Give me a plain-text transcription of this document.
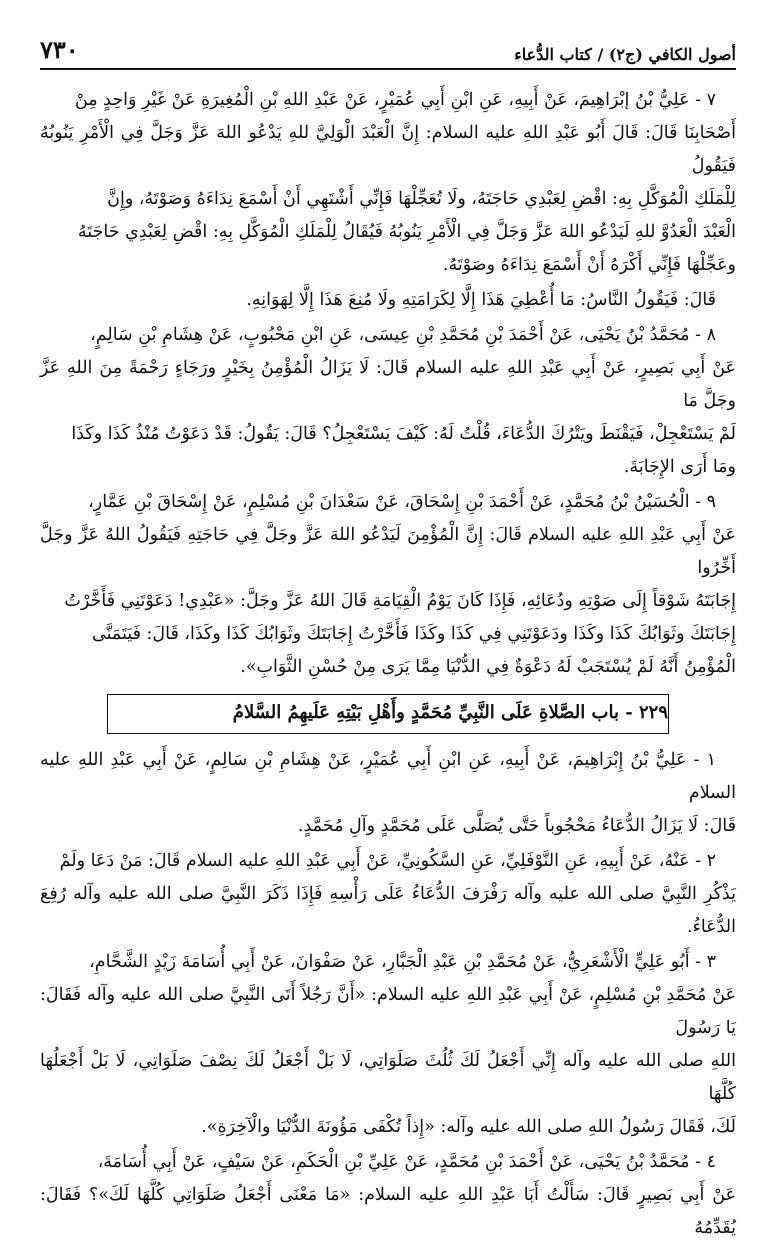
أصول الكافي (ج٢) / كتاب الدُّعاء
٧٣٠
٧ - عَلِيُّ بْنُ إبْرَاهِيمَ، عَنْ أَبِيهِ، عَنِ ابْنِ أَبِي عُمَيْرٍ، عَنْ عَبْدِ اللهِ بْنِ الْمُغِيرَةِ عَنْ غَيْرِ وَاحِدٍ مِنْ
أَصْحَابِنَا قَالَ: قَالَ أَبُو عَبْدِ اللهِ عليه السلام: إِنَّ الْعَبْدَ الْوَلِيَّ للهِ يَدْعُو اللهَ عَزَّ وَجَلَّ فِي الْأَمْرِ يَنُوبُهُ فَيَقُولُ
لِلْمَلَكِ الْمُوَكَّلِ بِهِ: اقْضِ لِعَبْدِي حَاجَتَهُ، ولَا تُعَجِّلْهَا فَإِنِّي أَشْتَهِي أَنْ أَسْمَعَ نِدَاءَهُ وَصَوْتَهُ، وإِنَّ
الْعَبْدَ الْعَدُوَّ للهِ لَيَدْعُو اللهَ عَزَّ وَجَلَّ فِي الْأَمْرِ يَنُوبُهُ فَيُقَالُ لِلْمَلَكِ الْمُوَكَّلِ بِهِ: اقْضِ لِعَبْدِي حَاجَتَهُ
وعَجِّلْهَا فَإِنِّي أَكْرَهُ أَنْ أَسْمَعَ نِدَاءَهُ وصَوْتَهُ.
قَالَ: فَيَقُولُ النَّاسُ: مَا أُعْطِيَ هَذَا إِلَّا لِكَرَامَتِهِ ولَا مُنِعَ هَذَا إِلَّا لِهَوَانِهِ.
٨ - مُحَمَّدُ بْنُ يَحْيَى، عَنْ أَحْمَدَ بْنِ مُحَمَّدِ بْنِ عِيسَى، عَنِ ابْنِ مَحْبُوبٍ، عَنْ هِشَامِ بْنِ سَالِمٍ،
عَنْ أَبِي بَصِيرٍ، عَنْ أَبِي عَبْدِ اللهِ عليه السلام قَالَ: لَا يَزَالُ الْمُؤْمِنُ بِخَيْرٍ ورَجَاءٍ رَحْمَةً مِنَ اللهِ عَزَّ وجَلَّ مَا
لَمْ يَسْتَعْجِلْ، فَيَقْنَطَ ويَتْرُكَ الدُّعَاءَ، قُلْتُ لَهُ: كَيْفَ يَسْتَعْجِلُ؟ قَالَ: يَقُولُ: قَدْ دَعَوْتُ مُنْذُ كَذَا وكَذَا
ومَا أَرَى الإِجَابَةَ.
٩ - الْحُسَيْنُ بْنُ مُحَمَّدٍ، عَنْ أَحْمَدَ بْنِ إِسْحَاقَ، عَنْ سَعْدَانَ بْنِ مُسْلِمٍ، عَنْ إِسْحَاقَ بْنِ عَمَّارٍ،
عَنْ أَبِي عَبْدِ اللهِ عليه السلام قَالَ: إِنَّ الْمُؤْمِنَ لَيَدْعُو اللهَ عَزَّ وجَلَّ فِي حَاجَتِهِ فَيَقُولُ اللهُ عَزَّ وجَلَّ أَخِّرُوا
إِجَابَتَهُ شَوْقاً إِلَى صَوْتِهِ ودُعَائِهِ، فَإِذَا كَانَ يَوْمُ الْقِيَامَةِ قَالَ اللهُ عَزَّ وجَلَّ: «عَبْدِي! دَعَوْتَنِي فَأَخَّرْتُ
إِجَابَتَكَ وثَوَابُكَ كَذَا وكَذَا ودَعَوْتَنِي فِي كَذَا وكَذَا فَأَخَّرْتُ إِجَابَتَكَ وثَوَابُكَ كَذَا وكَذَا، قَالَ: فَيَتَمَنَّى
الْمُؤْمِنُ أَنَّهُ لَمْ يُسْتَجَبْ لَهُ دَعْوَةٌ فِي الدُّنْيَا مِمَّا يَرَى مِنْ حُسْنِ الثَّوَابِ».
٢٢٩ - باب الصَّلاةِ عَلَى النَّبِيِّ مُحَمَّدٍ وأَهْلِ بَيْتِهِ عَلَيهِمُ السَّلامُ
١ - عَلِيُّ بْنُ إِبْرَاهِيمَ، عَنْ أَبِيهِ، عَنِ ابْنِ أَبِي عُمَيْرٍ، عَنْ هِشَامِ بْنِ سَالِمٍ، عَنْ أَبِي عَبْدِ اللهِ عليه السلام
قَالَ: لَا يَزَالُ الدُّعَاءُ مَحْجُوباً حَتَّى يُصَلَّى عَلَى مُحَمَّدٍ وآلِ مُحَمَّدٍ.
٢ - عَنْهُ، عَنْ أَبِيهِ، عَنِ النَّوْفَلِيِّ، عَنِ السَّكُونِيِّ، عَنْ أَبِي عَبْدِ اللهِ عليه السلام قَالَ: مَنْ دَعَا ولَمْ
يَذْكُرِ النَّبِيَّ صلى الله عليه وآله رَفْرَفَ الدُّعَاءُ عَلَى رَأْسِهِ فَإِذَا ذَكَرَ النَّبِيَّ صلى الله عليه وآله رُفِعَ الدُّعَاءُ.
٣ - أَبُو عَلِيٍّ الْأَشْعَرِيُّ، عَنْ مُحَمَّدِ بْنِ عَبْدِ الْجَبَّارِ، عَنْ صَفْوَانَ، عَنْ أَبِي أُسَامَةَ زَيْدٍ الشَّحَّامِ،
عَنْ مُحَمَّدِ بْنِ مُسْلِمٍ، عَنْ أَبِي عَبْدِ اللهِ عليه السلام: «أَنَّ رَجُلاً أَتَى النَّبِيَّ صلى الله عليه وآله فَقَالَ: يَا رَسُولَ
اللهِ صلى الله عليه وآله إِنِّي أَجْعَلُ لَكَ ثُلُثَ صَلَوَاتِي، لَا بَلْ أَجْعَلُ لَكَ نِصْفَ صَلَوَاتِي، لَا بَلْ أَجْعَلُهَا كُلَّهَا
لَكَ، فَقَالَ رَسُولُ اللهِ صلى الله عليه وآله: «إِذاً تُكْفَى مَؤُونَةَ الدُّنْيَا والْآخِرَةِ».
٤ - مُحَمَّدُ بْنُ يَحْيَى، عَنْ أَحْمَدَ بْنِ مُحَمَّدٍ، عَنْ عَلِيِّ بْنِ الْحَكَمِ، عَنْ سَيْفٍ، عَنْ أَبِي أُسَامَةَ،
عَنْ أَبِي بَصِيرٍ قَالَ: سَأَلْتُ أَبَا عَبْدِ اللهِ عليه السلام: «مَا مَعْنَى أَجْعَلُ صَلَوَاتِي كُلَّهَا لَكَ»؟ فَقَالَ: يُقَدِّمُهُ
